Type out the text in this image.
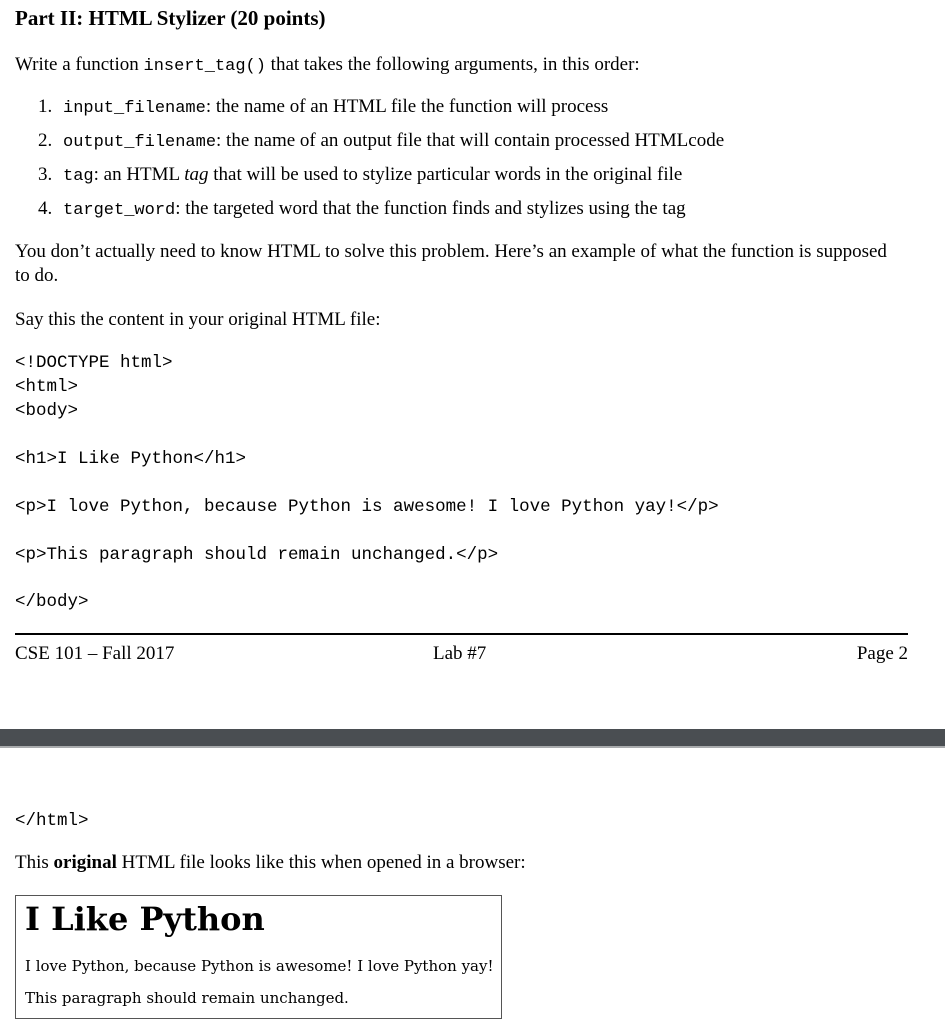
Part II: HTML Stylizer (20 points)
Write a function insert_tag() that takes the following arguments, in this order:
1. input_filename: the name of an HTML file the function will process
2. output_filename: the name of an output file that will contain processed HTMLcode
3. tag: an HTML tag that will be used to stylize particular words in the original file
4. target_word: the targeted word that the function finds and stylizes using the tag
You don’t actually need to know HTML to solve this problem. Here’s an example of what the function is supposed
to do.
Say this the content in your original HTML file:
<!DOCTYPE html>
<html>
<body>
<h1>I Like Python</h1>
<p>I love Python, because Python is awesome! I love Python yay!</p>
<p>This paragraph should remain unchanged.</p>
</body>
CSE 101 – Fall 2017	Lab #7	Page 2
</html>
This original HTML file looks like this when opened in a browser:
I Like Python
I love Python, because Python is awesome! I love Python yay!
This paragraph should remain unchanged.
